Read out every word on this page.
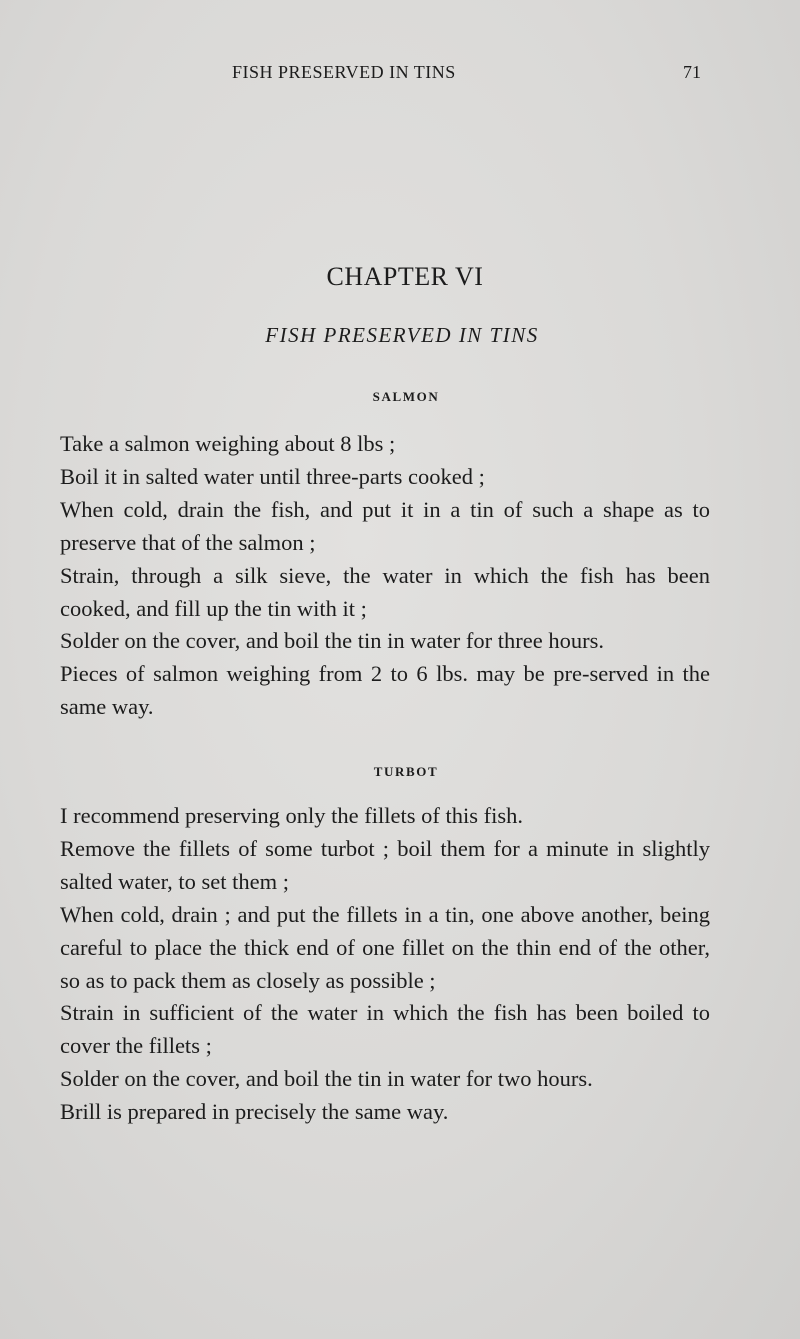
FISH PRESERVED IN TINS	71
CHAPTER VI
FISH PRESERVED IN TINS
SALMON

Take a salmon weighing about 8 lbs ;

Boil it in salted water until three-parts cooked ;

When cold, drain the fish, and put it in a tin of such a shape as to preserve that of the salmon ;

Strain, through a silk sieve, the water in which the fish has been cooked, and fill up the tin with it ;

Solder on the cover, and boil the tin in water for three hours.

Pieces of salmon weighing from 2 to 6 lbs. may be pre-served in the same way.

TURBOT

I recommend preserving only the fillets of this fish.

Remove the fillets of some turbot ; boil them for a minute in slightly salted water, to set them ;

When cold, drain ; and put the fillets in a tin, one above another, being careful to place the thick end of one fillet on the thin end of the other, so as to pack them as closely as possible ;

Strain in sufficient of the water in which the fish has been boiled to cover the fillets ;

Solder on the cover, and boil the tin in water for two hours.

Brill is prepared in precisely the same way.
